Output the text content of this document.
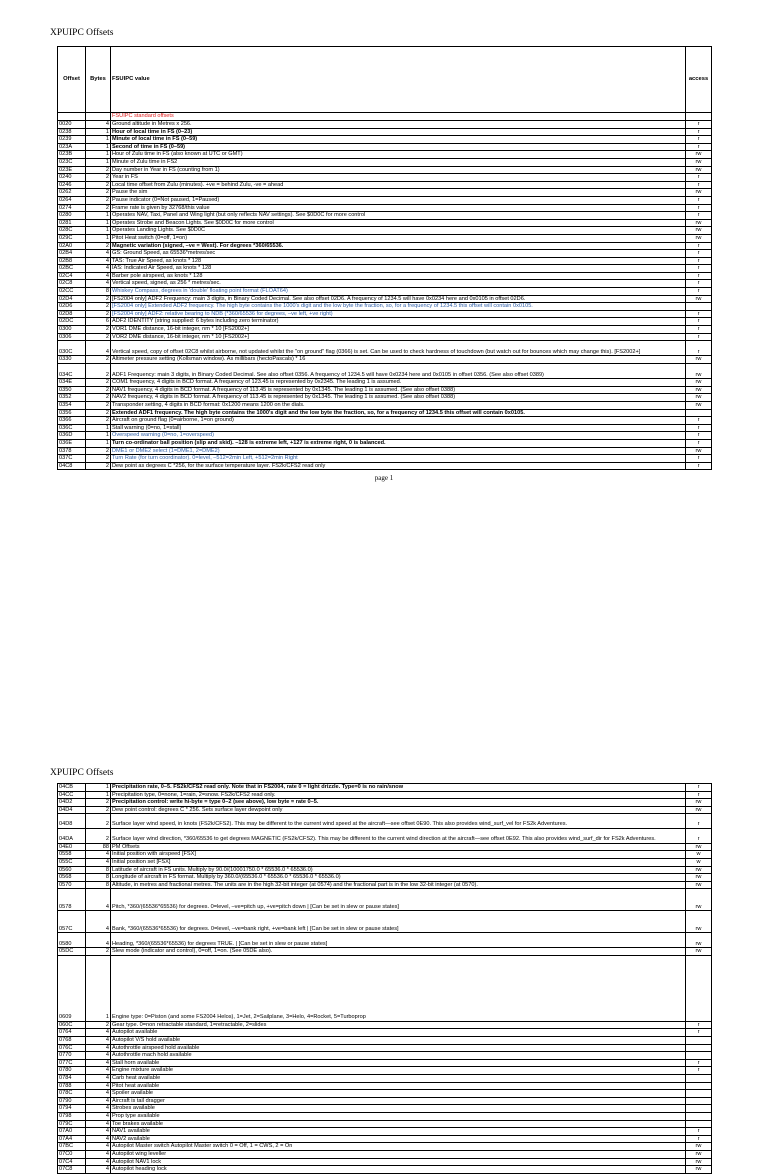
XPUIPC Offsets
Offset	Bytes	FSUIPC value	access
		FSUIPC standard offsets	
0020	4	Ground altitude in Metres x 256.	r
0238	1	Hour of local time in FS (0–23)	r
0239	1	Minute of local time in FS (0–59)	r
023A	1	Second of time in FS (0–59)	r
023B	1	Hour of Zulu time in FS (also known at UTC or GMT)	rw
023C	1	Minute of Zulu time in FS2	rw
023E	2	Day number in Year in FS (counting from 1)	rw
0240	2	Year in FS	r
0246	2	Local time offset from Zulu (minutes). +ve = behind Zulu, -ve = ahead	r
0262	2	Pause the sim	rw
0264	2	Pause indicator (0=Not paused, 1=Paused)	r
0274	2	Frame rate is given by 32768/this value	r
0280	1	Operates NAV, Taxi, Panel and Wing light (but only reflects NAV settings). See $0D0C for more control	r
0281	1	Operates Strobe and Beacon Lights. See $0D0C for more control	rw
028C	1	Operates Landing Lights. See $0D0C	rw
029C	1	Pitot Heat switch (0=off, 1=on)	rw
02A0	2	Magnetic variation (signed, –ve = West). For degrees *360/65536.	r
02B4	4	GS: Ground Speed, as 65536*metres/sec	r
02B8	4	TAS: True Air Speed, as knots * 128	r
02BC	4	IAS: Indicated Air Speed, as knots * 128	r
02C4	4	Barber pole airspeed, as knots * 128	r
02C8	4	Vertical speed, signed, as 256 * metres/sec.	r
02CC	8	Whiskey Compass, degrees in 'double' floating point format (FLOAT64)	r
02D4	2	[FS2004 only] ADF2 Frequency: main 3 digits, in Binary Coded Decimal. See also offset 02D6. A frequency of 1234.5 will have 0x0234 here and 0x0105 in offset 02D6.	rw
02D6	2	[FS2004 only] Extended ADF2 frequency. The high byte contains the 1000's digit and the low byte the fraction, so, for a frequency of 1234.5 this offset will contain 0x0105.	
02D8	2	[FS2004 only] ADF2: relative bearing to NDB (*360/65536 for degrees, –ve left, +ve right)	r
02DC	6	ADF2 IDENTITY (string supplied: 6 bytes including zero terminator)	r
0300	2	VOR1 DME distance, 16-bit integer, nm * 10 [FS2002+]	r
0306	2	VOR2 DME distance, 16-bit integer, nm * 10 [FS2002+]	r
030C	4	Vertical speed, copy of offset 02C8 whilst airborne, not updated whilst the "on ground" flag (0366) is set. Can be used to check hardness of touchdown (but watch out for bounces which may change this). [FS2002+]	r
0330	2	Altimeter pressure setting (Kollsman window). As millibars (hectoPascals) * 16	rw
034C	2	ADF1 Frequency: main 3 digits, in Binary Coded Decimal. See also offset 0356. A frequency of 1234.5 will have 0x0234 here and 0x0105 in offset 0356. (See also offset 0389)	rw
034E	2	COM1 frequency, 4 digits in BCD format. A frequency of 123.45 is represented by 0x2345. The leading 1 is assumed.	rw
0350	2	NAV1 frequency, 4 digits in BCD format. A frequency of 113.45 is represented by 0x1345. The leading 1 is assumed. (See also offset 0388)	rw
0352	2	NAV2 frequency, 4 digits in BCD format. A frequency of 113.45 is represented by 0x1345. The leading 1 is assumed. (See also offset 0388)	rw
0354	2	Transponder setting, 4 digits in BCD format: 0x1200 means 1200 on the dials.	rw
0356	2	Extended ADF1 frequency. The high byte contains the 1000's digit and the low byte the fraction, so, for a frequency of 1234.5 this offset will contain 0x0105.	
0366	2	Aircraft on ground flag (0=airborne, 1=on ground)	r
036C	1	Stall warning (0=no, 1=stall)	r
036D	1	Overspeed warning (0=no, 1=overspeed)	r
036E	1	Turn co-ordinator ball position (slip and skid). –128 is extreme left, +127 is extreme right, 0 is balanced.	r
0378	2	DME1 or DME2 select (1=DME1, 2=DME2)	rw
037C	2	Turn Rate (for turn coordinator). 0=level, –512=2min Left, +512=2min Right	r
04C8	2	Dew point as degrees C *256, for the surface temperature layer. FS2k/CFS2 read only	r
page 1
XPUIPC Offsets
04CB	1	Precipitation rate, 0–5. FS2k/CFS2 read only. Note that in FS2004, rate 0 = light drizzle. Type=0 is no rain/snow	r
04CC	1	Precipitation type, 0=none, 1=rain, 2=snow. FS2k/CFS2 read only.	r
04D2	2	Precipitation control: write hi-byte = type 0–2 (see above), low byte = rate 0–5.	rw
04D4	2	Dew point control: degrees C * 256. Sets surface layer dewpoint only	rw
04D8	2	Surface layer wind speed, in knots (FS2k/CFS2). This may be different to the current wind speed at the aircraft—see offset 0E90. This also provides wind_surf_vel for FS2k Adventures.	r
04DA	2	Surface layer wind direction, *360/65536 to get degrees MAGNETIC (FS2k/CFS2). This may be different to the current wind direction at the aircraft—see offset 0E92. This also provides wind_surf_dir for FS2k Adventures.	r
04E0	88	PM Offsets	rw
0558	4	Initial position with airspeed [FSX]	w
055C	4	Initial position set [FSX]	w
0560	8	Latitude of aircraft in FS units. Multiply by 90.0/(10001750.0 * 65536.0 * 65536.0)	rw
0568	8	Longitude of aircraft in FS format. Multiply by 360.0/(65536.0 * 65536.0 * 65536.0 * 65536.0)	rw
0570	8	Altitude, in metres and fractional metres. The units are in the high 32-bit integer (at 0574) and the fractional part is in the low 32-bit integer (at 0570).	rw
0578	4	Pitch, *360/(65536*65536) for degrees. 0=level, –ve=pitch up, +ve=pitch down | [Can be set in slew or pause states]	rw
057C	4	Bank, *360/(65536*65536) for degrees. 0=level, –ve=bank right, +ve=bank left | [Can be set in slew or pause states]	rw
0580	4	Heading, *360/(65536*65536) for degrees TRUE. | [Can be set in slew or pause states]	rw
05DC	2	Slew mode (indicator and control), 0=off, 1=on. (See 05DE also).	rw
0609	1	Engine type: 0=Piston (and some FS2004 Helos), 1=Jet, 2=Sailplane, 3=Helo, 4=Rocket, 5=Turboprop	
060C	2	Gear type. 0=non retractable standard, 1=retractable, 2=slides	r
0764	4	Autopilot available	r
0768	4	Autopilot V/S hold available	
076C	4	Autothrottle airspeed hold available	
0770	4	Autothrottle mach hold available	
077C	4	Stall horn available	r
0780	4	Engine mixture available	r
0784	4	Carb heat available	
0788	4	Pitot heat available	
078C	4	Spoiler available	
0790	4	Aircraft is tail dragger	
0794	4	Strobes available	
0798	4	Prop type available	
079C	4	Toe brakes available	
07A0	4	NAV1 available	r
07A4	4	NAV2 available	r
07BC	4	Autopilot Master switch Autopilot Master switch 0 = Off, 1 = CWS, 2 = On	rw
07C0	4	Autopilot wing leveller	rw
07C4	4	Autopilot NAV1 lock	rw
07C8	4	Autopilot heading lock	rw
